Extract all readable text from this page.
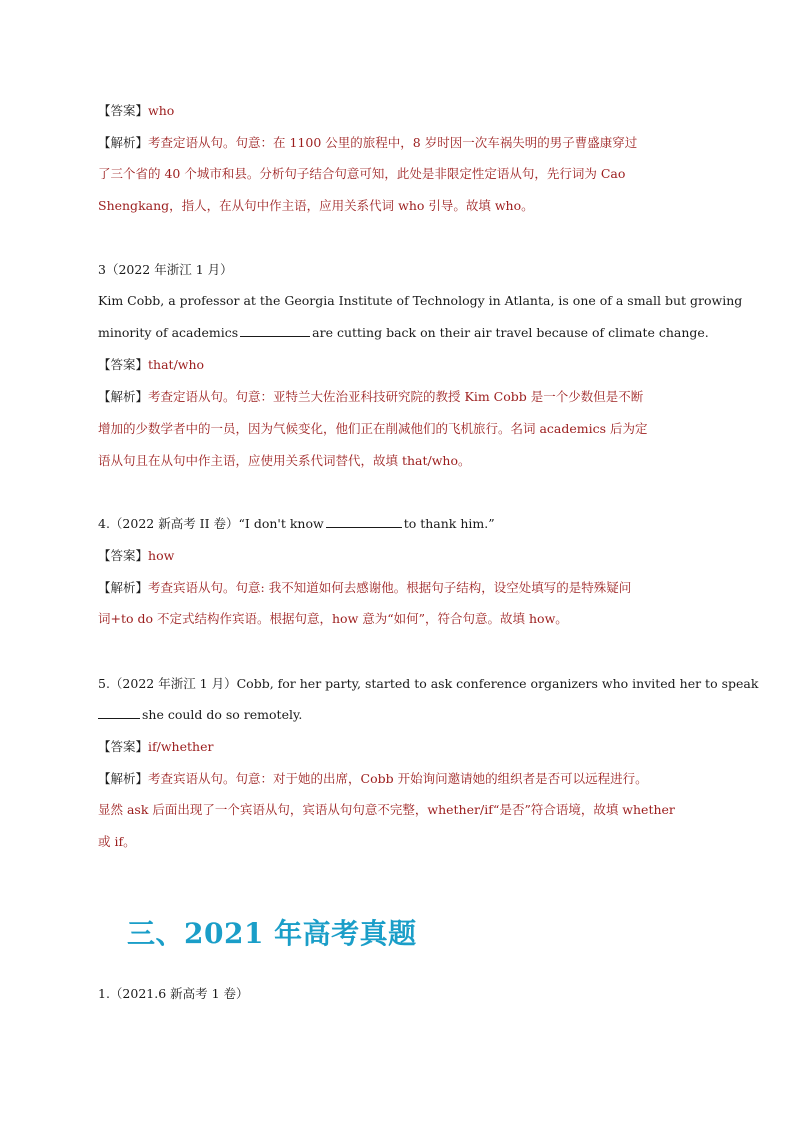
【答案】who
【解析】考查定语从句。句意：在 1100 公里的旅程中，8 岁时因一次车祸失明的男子曹盛康穿过
了三个省的 40 个城市和县。分析句子结合句意可知，此处是非限定性定语从句，先行词为 Cao
Shengkang，指人，在从句中作主语，应用关系代词 who 引导。故填 who。
3（2022 年浙江 1 月）
Kim Cobb, a professor at the Georgia Institute of Technology in Atlanta, is one of a small but growing
minority of academics	are cutting back on their air travel because of climate change.
【答案】that/who
【解析】考查定语从句。句意：亚特兰大佐治亚科技研究院的教授 Kim Cobb 是一个少数但是不断
增加的少数学者中的一员，因为气候变化，他们正在削减他们的飞机旅行。名词 academics 后为定
语从句且在从句中作主语，应使用关系代词替代，故填 that/who。
4.（2022 新高考 II 卷）“I don't know	to thank him.”
【答案】how
【解析】考查宾语从句。句意: 我不知道如何去感谢他。根据句子结构，设空处填写的是特殊疑问
词+to do 不定式结构作宾语。根据句意，how 意为“如何”，符合句意。故填 how。
5.（2022 年浙江 1 月）Cobb, for her party, started to ask conference organizers who invited her to speak
she could do so remotely.
【答案】if/whether
【解析】考查宾语从句。句意：对于她的出席，Cobb 开始询问邀请她的组织者是否可以远程进行。
显然 ask 后面出现了一个宾语从句，宾语从句句意不完整，whether/if“是否”符合语境，故填 whether
或 if。
三、2021 年高考真题
1.（2021.6 新高考 1 卷）
